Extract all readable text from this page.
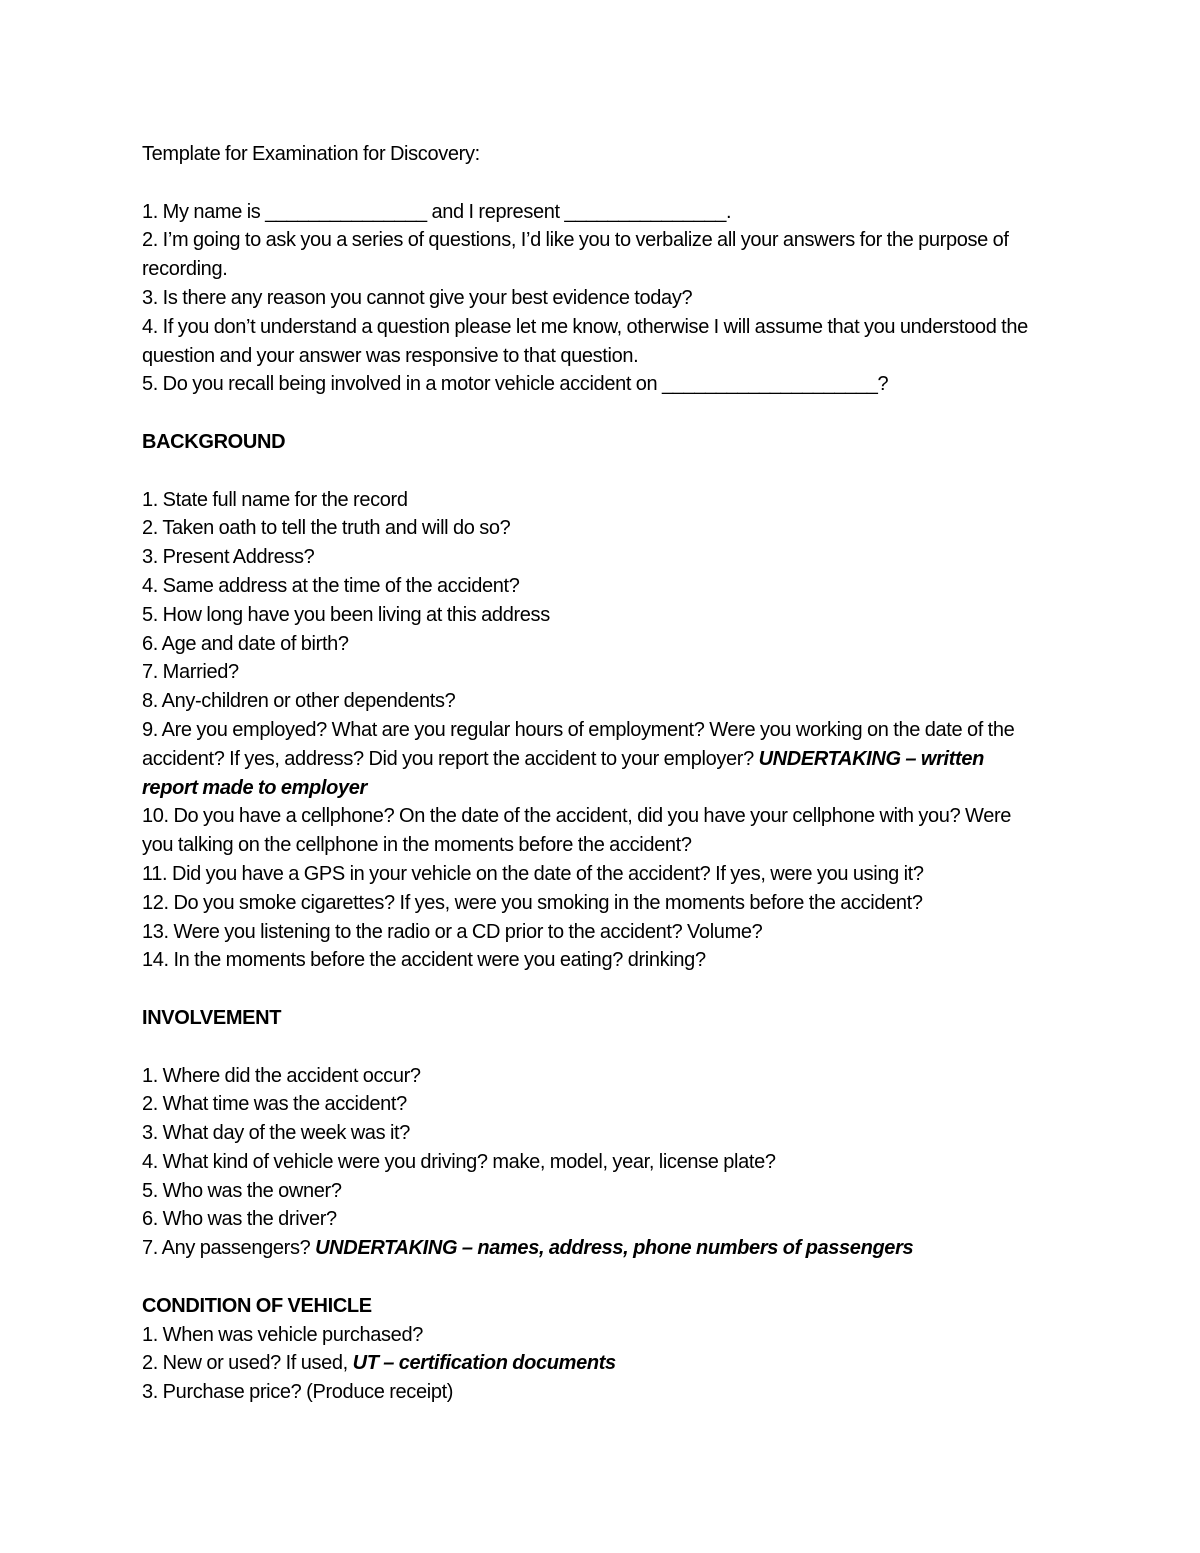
Template for Examination for Discovery:

1. My name is _______________ and I represent _______________.

2. I’m going to ask you a series of questions, I’d like you to verbalize all your answers for the purpose of recording.

3. Is there any reason you cannot give your best evidence today?

4. If you don’t understand a question please let me know, otherwise I will assume that you understood the question and your answer was responsive to that question.

5. Do you recall being involved in a motor vehicle accident on ____________________?

BACKGROUND

1. State full name for the record

2. Taken oath to tell the truth and will do so?

3. Present Address?

4. Same address at the time of the accident?

5. How long have you been living at this address

6. Age and date of birth?

7. Married?

8. Any-children or other dependents?

9. Are you employed? What are you regular hours of employment? Were you working on the date of the accident? If yes, address? Did you report the accident to your employer? UNDERTAKING – written report made to employer

10. Do you have a cellphone? On the date of the accident, did you have your cellphone with you? Were you talking on the cellphone in the moments before the accident?

11. Did you have a GPS in your vehicle on the date of the accident? If yes, were you using it?

12. Do you smoke cigarettes? If yes, were you smoking in the moments before the accident?

13. Were you listening to the radio or a CD prior to the accident? Volume?

14. In the moments before the accident were you eating? drinking?

INVOLVEMENT

1. Where did the accident occur?

2. What time was the accident?

3. What day of the week was it?

4. What kind of vehicle were you driving? make, model, year, license plate?

5. Who was the owner?

6. Who was the driver?

7. Any passengers? UNDERTAKING – names, address, phone numbers of passengers

CONDITION OF VEHICLE

1. When was vehicle purchased?

2. New or used? If used, UT – certification documents

3. Purchase price? (Produce receipt)
